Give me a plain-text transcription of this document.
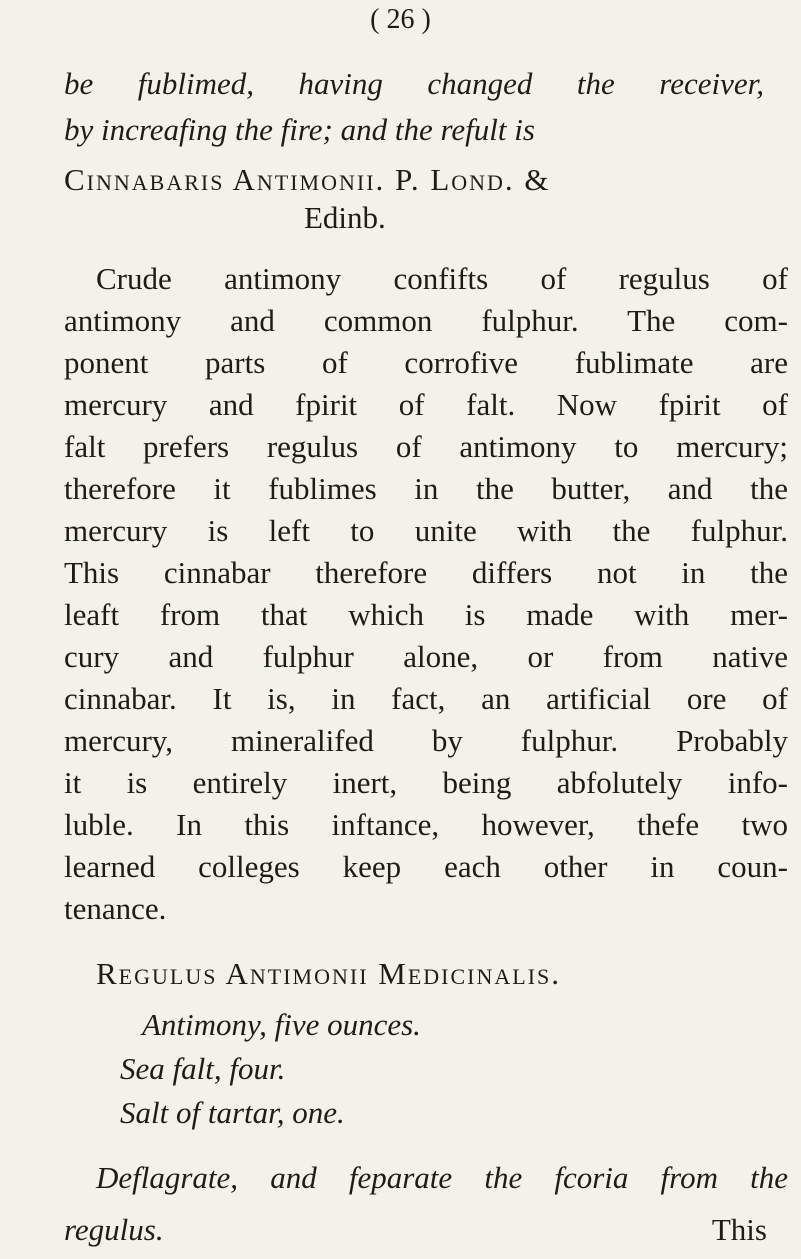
( 26 )
be fublimed, having changed the receiver,
by increafing the fire; and the refult is
Cinnabaris Antimonii. P. Lond. &
Edinb.
Crude antimony confifts of regulus of
antimony and common fulphur. The com-
ponent parts of corrofive fublimate are
mercury and fpirit of falt. Now fpirit of
falt prefers regulus of antimony to mercury;
therefore it fublimes in the butter, and the
mercury is left to unite with the fulphur.
This cinnabar therefore differs not in the
leaft from that which is made with mer-
cury and fulphur alone, or from native
cinnabar. It is, in fact, an artificial ore of
mercury, mineralifed by fulphur. Probably
it is entirely inert, being abfolutely info-
luble. In this inftance, however, thefe two
learned colleges keep each other in coun-
tenance.
Regulus Antimonii Medicinalis.
Antimony, five ounces.
Sea falt, four.
Salt of tartar, one.
Deflagrate, and feparate the fcoria from the
regulus.	This
